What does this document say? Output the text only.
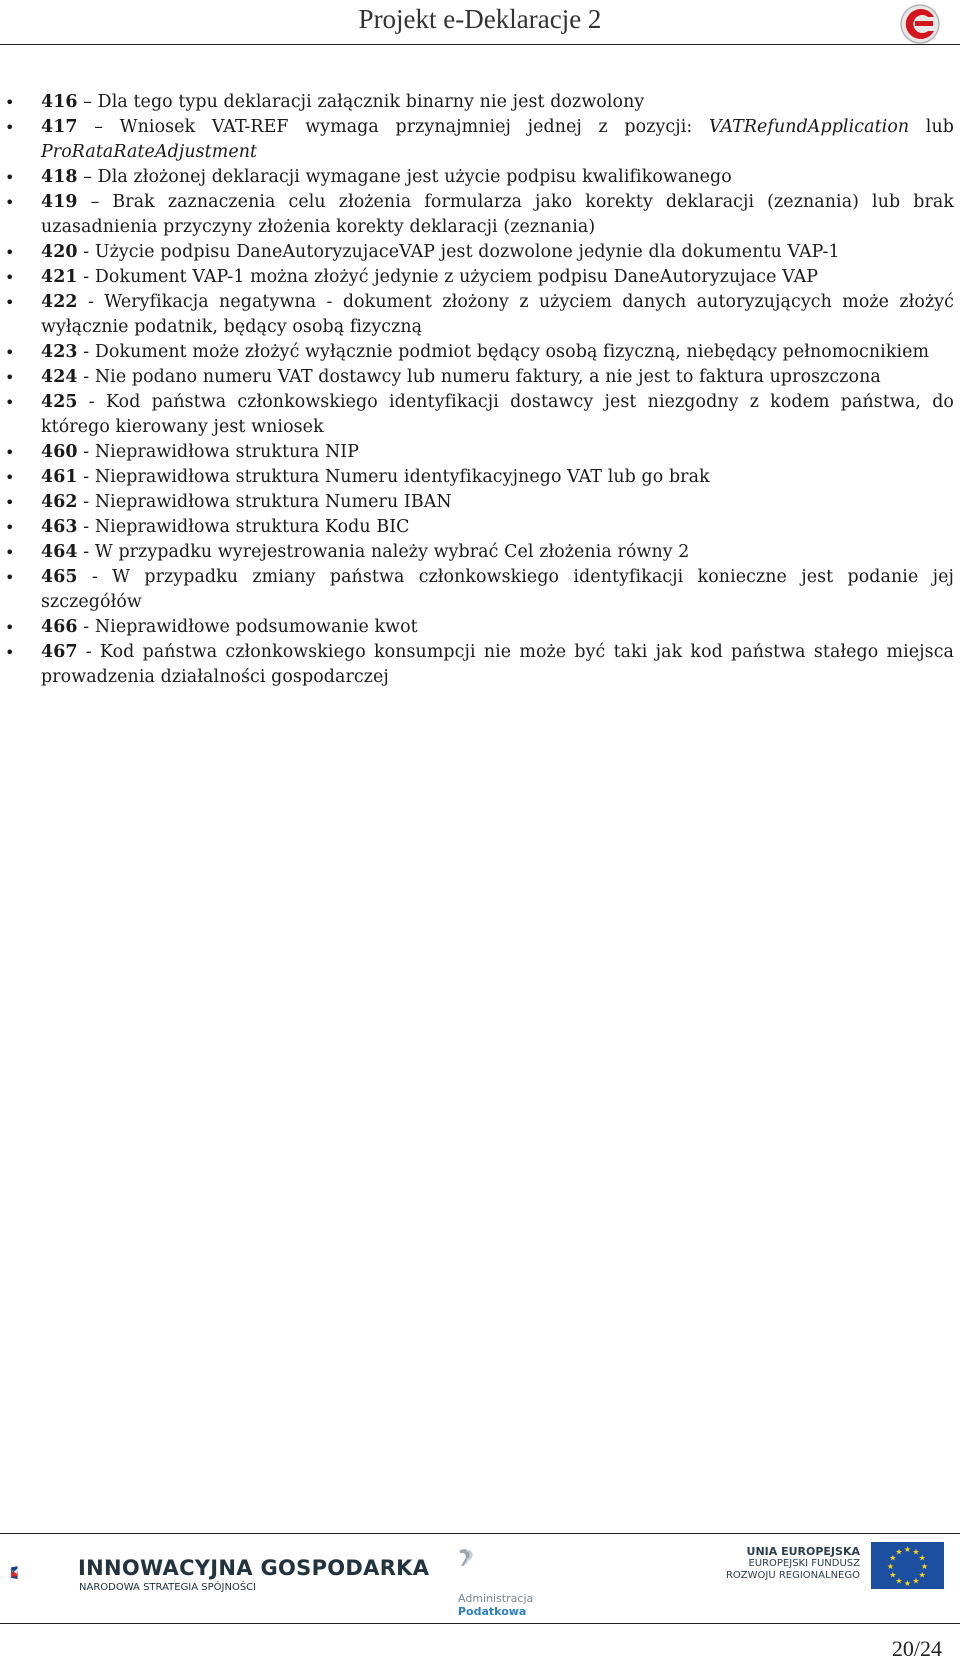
Projekt e-Deklaracje 2
• 416 – Dla tego typu deklaracji załącznik binarny nie jest dozwolony
• 417 – Wniosek VAT-REF wymaga przynajmniej jednej z pozycji: VATRefundApplication lub ProRataRateAdjustment
• 418 – Dla złożonej deklaracji wymagane jest użycie podpisu kwalifikowanego
• 419 – Brak zaznaczenia celu złożenia formularza jako korekty deklaracji (zeznania) lub brak uzasadnienia przyczyny złożenia korekty deklaracji (zeznania)
• 420 - Użycie podpisu DaneAutoryzujaceVAP jest dozwolone jedynie dla dokumentu VAP-1
• 421 - Dokument VAP-1 można złożyć jedynie z użyciem podpisu DaneAutoryzujace VAP
• 422 - Weryfikacja negatywna - dokument złożony z użyciem danych autoryzujących może złożyć wyłącznie podatnik, będący osobą fizyczną
• 423 - Dokument może złożyć wyłącznie podmiot będący osobą fizyczną, niebędący pełnomocnikiem
• 424 - Nie podano numeru VAT dostawcy lub numeru faktury, a nie jest to faktura uproszczona
• 425 - Kod państwa członkowskiego identyfikacji dostawcy jest niezgodny z kodem państwa, do którego kierowany jest wniosek
• 460 - Nieprawidłowa struktura NIP
• 461 - Nieprawidłowa struktura Numeru identyfikacyjnego VAT lub go brak
• 462 - Nieprawidłowa struktura Numeru IBAN
• 463 - Nieprawidłowa struktura Kodu BIC
• 464 - W przypadku wyrejestrowania należy wybrać Cel złożenia równy 2
• 465 - W przypadku zmiany państwa członkowskiego identyfikacji konieczne jest podanie jej szczegółów
• 466 - Nieprawidłowe podsumowanie kwot
• 467 - Kod państwa członkowskiego konsumpcji nie może być taki jak kod państwa stałego miejsca prowadzenia działalności gospodarczej
INNOWACYJNA GOSPODARKA
NARODOWA STRATEGIA SPÓJNOŚCI
Administracja
Podatkowa
UNIA EUROPEJSKA
EUROPEJSKI FUNDUSZ
ROZWOJU REGIONALNEGO
★ ★
★
★
★
★
★
★
★
★
★
★
20/24
